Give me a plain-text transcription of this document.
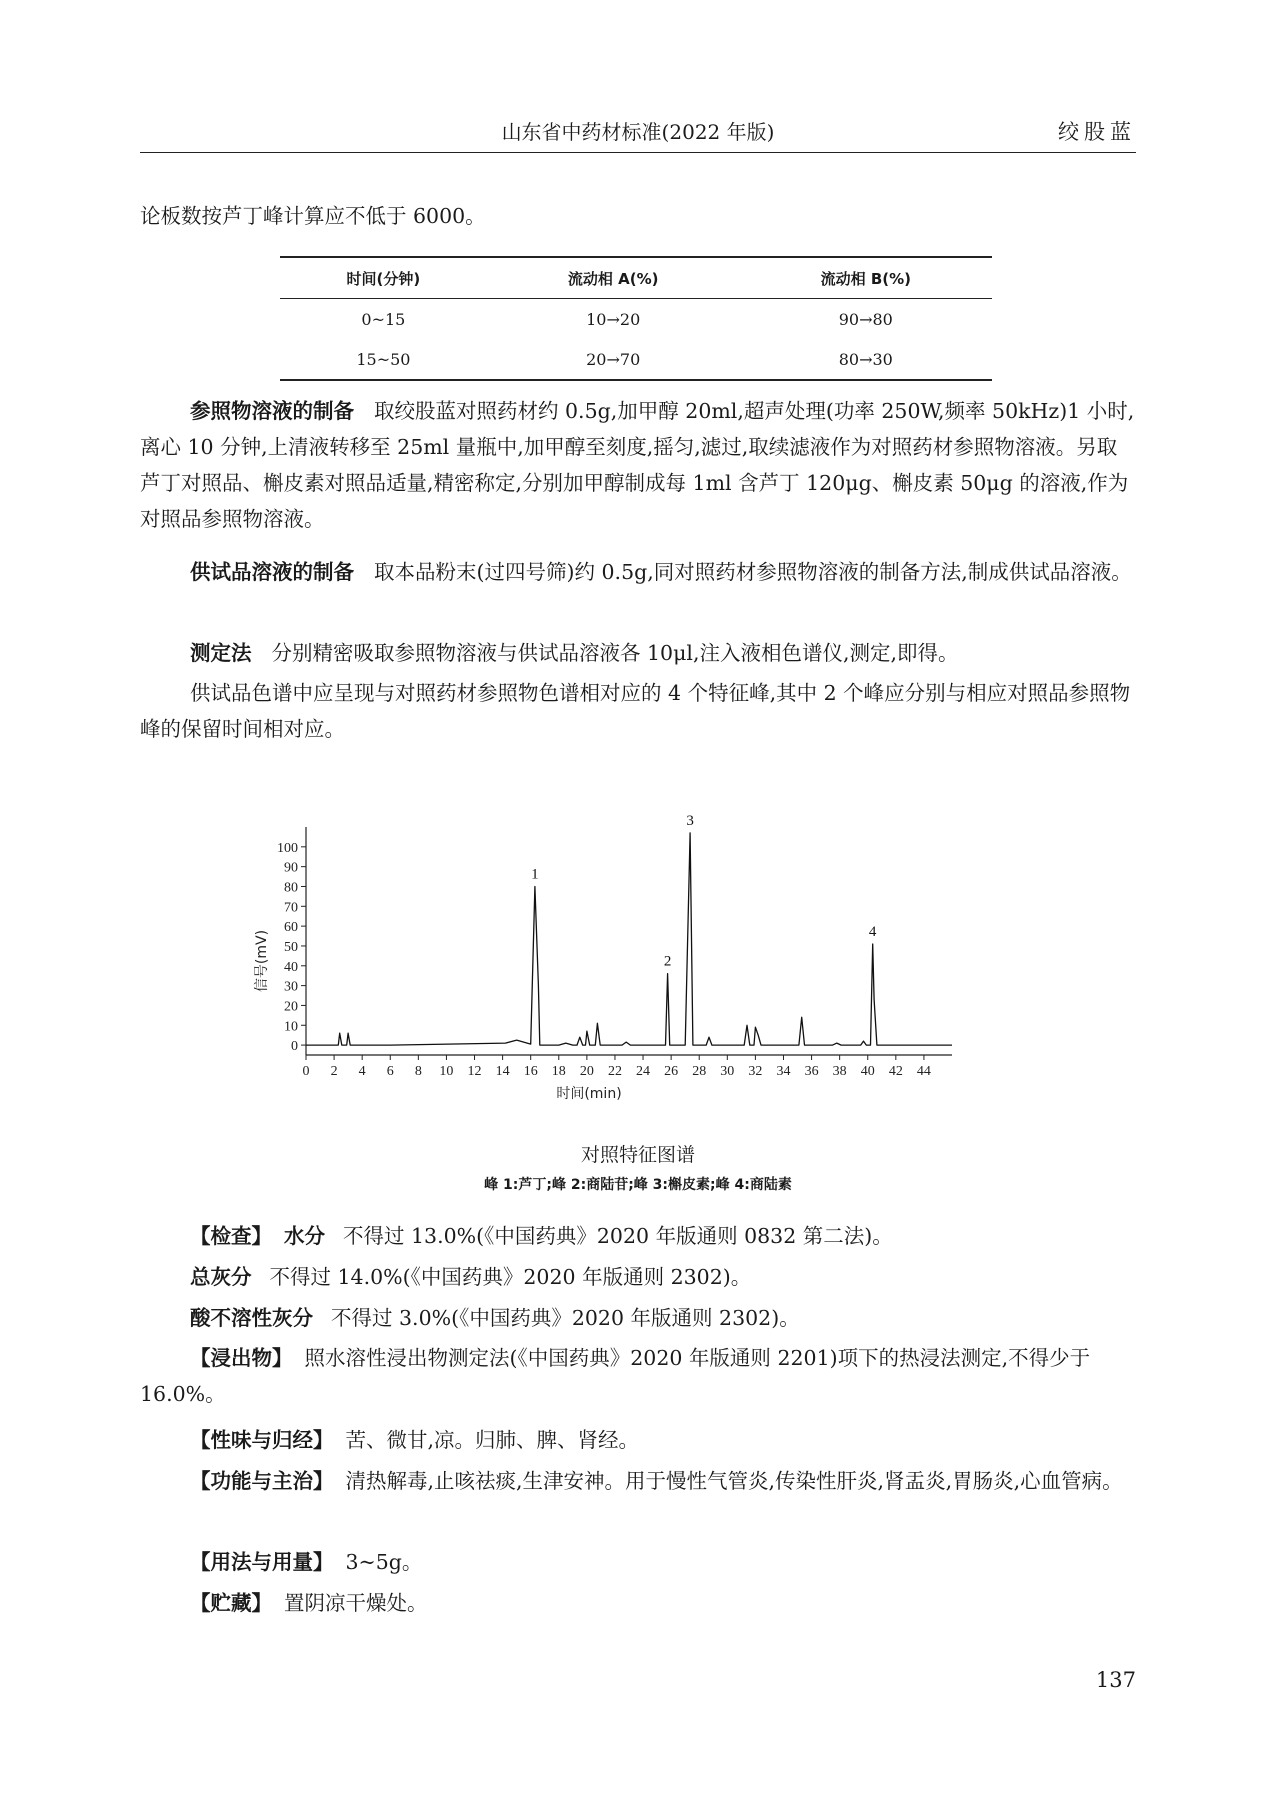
山东省中药材标准(2022 年版)	绞股蓝

论板数按芦丁峰计算应不低于 6000。

时间(分钟)	流动相 A(%)	流动相 B(%)
0~15	10→20	90→80
15~50	20→70	80→30

参照物溶液的制备 取绞股蓝对照药材约 0.5g,加甲醇 20ml,超声处理(功率 250W,频率 50kHz)1 小时,离心 10 分钟,上清液转移至 25ml 量瓶中,加甲醇至刻度,摇匀,滤过,取续滤液作为对照药材参照物溶液。另取芦丁对照品、槲皮素对照品适量,精密称定,分别加甲醇制成每 1ml 含芦丁 120μg、槲皮素 50μg 的溶液,作为对照品参照物溶液。

供试品溶液的制备 取本品粉末(过四号筛)约 0.5g,同对照药材参照物溶液的制备方法,制成供试品溶液。

测定法 分别精密吸取参照物溶液与供试品溶液各 10μl,注入液相色谱仪,测定,即得。

供试品色谱中应呈现与对照药材参照物色谱相对应的 4 个特征峰,其中 2 个峰应分别与相应对照品参照物峰的保留时间相对应。

0 2 4 6 8 10 12 14 16 18 20 22 24 26 28 30 32 34 36 38 40 42 44
0
10
20
30
40
50
60
70
80
90
100
时间(min)
信号(mV)
1
2
3
4
对照特征图谱
峰 1:芦丁;峰 2:商陆苷;峰 3:槲皮素;峰 4:商陆素

【检查】 水分 不得过 13.0%(《中国药典》2020 年版通则 0832 第二法)。

总灰分 不得过 14.0%(《中国药典》2020 年版通则 2302)。

酸不溶性灰分 不得过 3.0%(《中国药典》2020 年版通则 2302)。

【浸出物】 照水溶性浸出物测定法(《中国药典》2020 年版通则 2201)项下的热浸法测定,不得少于 16.0%。

【性味与归经】 苦、微甘,凉。归肺、脾、肾经。

【功能与主治】 清热解毒,止咳祛痰,生津安神。用于慢性气管炎,传染性肝炎,肾盂炎,胃肠炎,心血管病。

【用法与用量】 3~5g。

【贮藏】 置阴凉干燥处。

137
